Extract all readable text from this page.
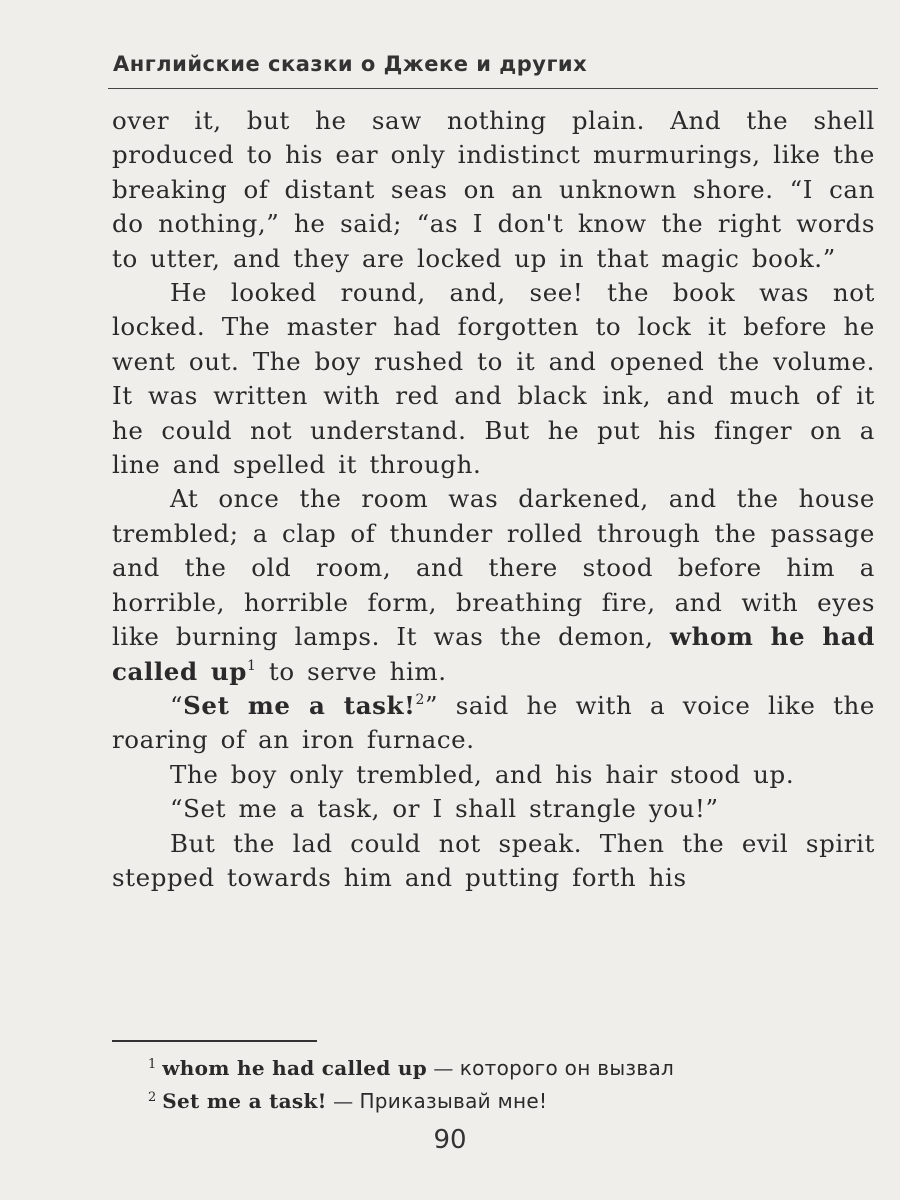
Английские сказки о Джеке и других

over it, but he saw nothing plain. And the shell produced to his ear only indistinct murmurings, like the breaking of distant seas on an unknown shore. “I can do nothing,” he said; “as I don't know the right words to utter, and they are locked up in that magic book.”

He looked round, and, see! the book was not locked. The master had forgotten to lock it before he went out. The boy rushed to it and opened the volume. It was written with red and black ink, and much of it he could not understand. But he put his finger on a line and spelled it through.

At once the room was darkened, and the house trembled; a clap of thunder rolled through the passage and the old room, and there stood before him a horrible, horrible form, breathing fire, and with eyes like burning lamps. It was the demon, whom he had called $up^1$ to serve him.

“Set me a task!$^2$” said he with a voice like the roaring of an iron furnace.

The boy only trembled, and his hair stood up.

“Set me a task, or I shall strangle you!”

But the lad could not speak. Then the evil spirit stepped towards him and putting forth his

$^1$ whom he had called up — которого он вызвал
$^2$ Set me a task! — Приказывай мне!
90
